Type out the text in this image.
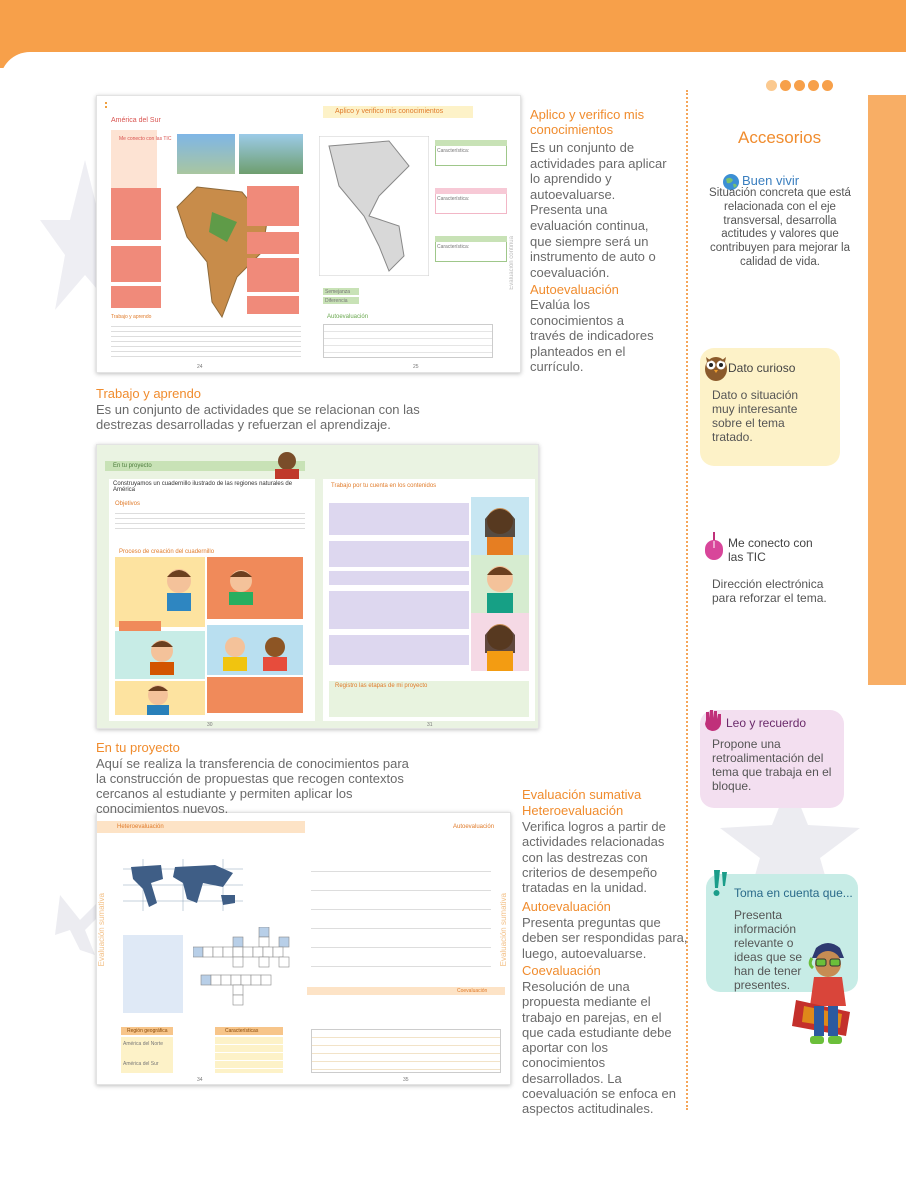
América del Sur
Me conecto con las TIC
Trabajo y aprendo
24
Aplico y verifico mis conocimientos
Característica:
Característica:
Característica:
Semejanza
Diferencia
Autoevaluación
Evaluación continua
25
En tu proyecto
Construyamos un cuadernillo ilustrado de las regiones naturales de América
Objetivos
Proceso de creación del cuadernillo
Trabajo por tu cuenta en los contenidos
Registro las etapas de mi proyecto
30	31
Heteroevaluación
Evaluación sumativa
Región geográfica	Características
América del Norte
América del Sur
34
Autoevaluación
Evaluación sumativa
Coevaluación
35
Aplico y verifico mis conocimientos
Es un conjunto de actividades para aplicar lo aprendido y autoevaluarse. Presenta una evaluación continua, que siempre será un instrumento de auto o coevaluación.
Autoevaluación
Evalúa los conocimientos a través de indicadores planteados en el currículo.
Trabajo y aprendo
Es un conjunto de actividades que se relacionan con las destrezas desarrolladas y refuerzan el aprendizaje.
En tu proyecto
Aquí se realiza la transferencia de conocimientos para la construcción de propuestas que recogen contextos cercanos al estudiante y permiten aplicar los conocimientos nuevos.
Evaluación sumativa
Heteroevaluación
Verifica logros a partir de actividades relacionadas con las destrezas con criterios de desempeño tratadas en la unidad.
Autoevaluación
Presenta preguntas que deben ser respondidas para, luego, autoevaluarse.
Coevaluación
Resolución de una propuesta mediante el trabajo en parejas, en el que cada estudiante debe aportar con los conocimientos desarrollados. La coevaluación se enfoca en aspectos actitudinales.
Accesorios
Buen vivir
Situación concreta que está relacionada con el eje transversal, desarrolla actitudes y valores que contribuyen para mejorar la calidad de vida.
Dato curioso
Dato o situación muy interesante sobre el tema tratado.
Me conecto con las TIC
Dirección electrónica para reforzar el tema.
Leo y recuerdo
Propone una retroalimentación del tema que trabaja en el bloque.
Toma en cuenta que...
Presenta información relevante o ideas que se han de tener presentes.
